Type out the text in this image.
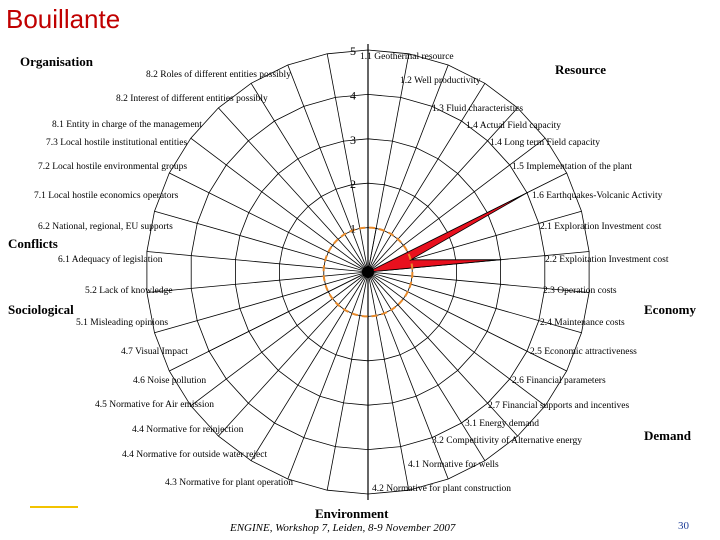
Bouillante
Organisation
Resource
Conflicts
Sociological	Economy
Demand
Environment
1
2
3
4
5 1.1 Geothermal resource
1.2 Well productivity
1.3 Fluid characteristics
1.4 Actual Field capacity
1.4 Long term Field capacity
1.5 Implementation of the plant
1.6 Earthquakes-Volcanic Activity
2.1 Exploration Investment cost
2.2 Exploitation Investment cost
2.3 Operation costs
2.4 Maintenance costs
2.5 Economic attractiveness
2.6 Financial parameters
2.7 Financial supports and incentives
3.1 Energy demand
3.2 Competitivity of Alternative energy
4.1 Normative for wells
4.2 Normative for plant construction
4.3 Normative for plant operation
4.4 Normative for outside water reject
4.4 Normative for reinjection
4.5 Normative for Air emission
4.6 Noise pollution
4.7 Visual Impact
5.1 Misleading opinions
5.2 Lack of knowledge
6.1 Adequacy of legislation
6.2 National, regional, EU supports
7.1 Local hostile economics operators
7.2 Local hostile environmental groups
7.3 Local hostile institutional entities
8.1 Entity in charge of the management
8.2 Interest of different entities possibly
8.2 Roles of different entities possibly
ENGINE, Workshop 7, Leiden, 8-9 November 2007	30
